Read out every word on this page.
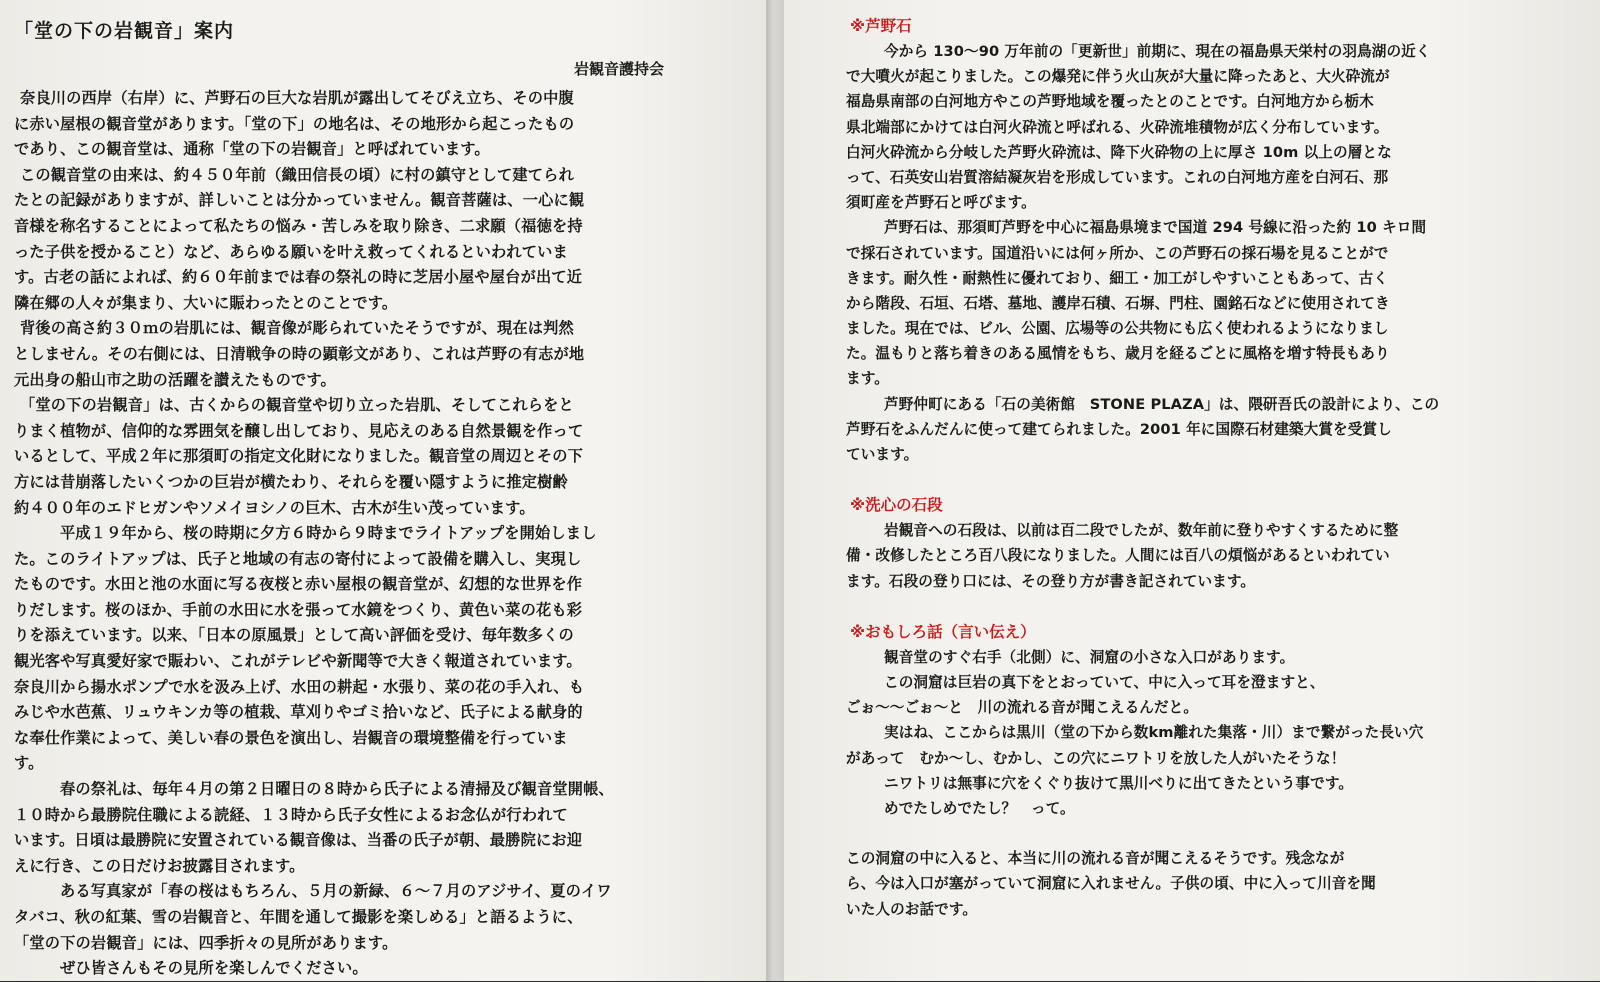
「堂の下の岩観音」案内
岩観音護持会
奈良川の西岸（右岸）に、芦野石の巨大な岩肌が露出してそびえ立ち、その中腹
に赤い屋根の観音堂があります。「堂の下」の地名は、その地形から起こったもの
であり、この観音堂は、通称「堂の下の岩観音」と呼ばれています。
この観音堂の由来は、約４５０年前（織田信長の頃）に村の鎮守として建てられ
たとの記録がありますが、詳しいことは分かっていません。観音菩薩は、一心に観
音様を称名することによって私たちの悩み・苦しみを取り除き、二求願（福徳を持
った子供を授かること）など、あらゆる願いを叶え救ってくれるといわれていま
す。古老の話によれば、約６０年前までは春の祭礼の時に芝居小屋や屋台が出て近
隣在郷の人々が集まり、大いに賑わったとのことです。
背後の高さ約３０ｍの岩肌には、観音像が彫られていたそうですが、現在は判然
としません。その右側には、日清戦争の時の顕彰文があり、これは芦野の有志が地
元出身の船山市之助の活躍を讃えたものです。
「堂の下の岩観音」は、古くからの観音堂や切り立った岩肌、そしてこれらをと
りまく植物が、信仰的な雰囲気を醸し出しており、見応えのある自然景観を作って
いるとして、平成２年に那須町の指定文化財になりました。観音堂の周辺とその下
方には昔崩落したいくつかの巨岩が横たわり、それらを覆い隠すように推定樹齢
約４００年のエドヒガンやソメイヨシノの巨木、古木が生い茂っています。
平成１９年から、桜の時期に夕方６時から９時までライトアップを開始しまし
た。このライトアップは、氏子と地域の有志の寄付によって設備を購入し、実現し
たものです。水田と池の水面に写る夜桜と赤い屋根の観音堂が、幻想的な世界を作
りだします。桜のほか、手前の水田に水を張って水鏡をつくり、黄色い菜の花も彩
りを添えています。以来、「日本の原風景」として高い評価を受け、毎年数多くの
観光客や写真愛好家で賑わい、これがテレビや新聞等で大きく報道されています。
奈良川から揚水ポンプで水を汲み上げ、水田の耕起・水張り、菜の花の手入れ、も
みじや水芭蕉、リュウキンカ等の植栽、草刈りやゴミ拾いなど、氏子による献身的
な奉仕作業によって、美しい春の景色を演出し、岩観音の環境整備を行っていま
す。
春の祭礼は、毎年４月の第２日曜日の８時から氏子による清掃及び観音堂開帳、
１０時から最勝院住職による読経、１３時から氏子女性によるお念仏が行われて
います。日頃は最勝院に安置されている観音像は、当番の氏子が朝、最勝院にお迎
えに行き、この日だけお披露目されます。
ある写真家が「春の桜はもちろん、５月の新緑、６～７月のアジサイ、夏のイワ
タバコ、秋の紅葉、雪の岩観音と、年間を通して撮影を楽しめる」と語るように、
「堂の下の岩観音」には、四季折々の見所があります。
ぜひ皆さんもその見所を楽しんでください。
※芦野石
今から 130～90 万年前の「更新世」前期に、現在の福島県天栄村の羽鳥湖の近く
で大噴火が起こりました。この爆発に伴う火山灰が大量に降ったあと、大火砕流が
福島県南部の白河地方やこの芦野地域を覆ったとのことです。白河地方から栃木
県北端部にかけては白河火砕流と呼ばれる、火砕流堆積物が広く分布しています。
白河火砕流から分岐した芦野火砕流は、降下火砕物の上に厚さ 10m 以上の層とな
って、石英安山岩質溶結凝灰岩を形成しています。これの白河地方産を白河石、那
須町産を芦野石と呼びます。
芦野石は、那須町芦野を中心に福島県境まで国道 294 号線に沿った約 10 キロ間
で採石されています。国道沿いには何ヶ所か、この芦野石の採石場を見ることがで
きます。耐久性・耐熱性に優れており、細工・加工がしやすいこともあって、古く
から階段、石垣、石塔、墓地、護岸石積、石塀、門柱、園銘石などに使用されてき
ました。現在では、ビル、公園、広場等の公共物にも広く使われるようになりまし
た。温もりと落ち着きのある風情をもち、歳月を経るごとに風格を増す特長もあり
ます。
芦野仲町にある「石の美術館　STONE PLAZA」は、隈研吾氏の設計により、この
芦野石をふんだんに使って建てられました。2001 年に国際石材建築大賞を受賞し
ています。
※洗心の石段
岩観音への石段は、以前は百二段でしたが、数年前に登りやすくするために整
備・改修したところ百八段になりました。人間には百八の煩悩があるといわれてい
ます。石段の登り口には、その登り方が書き記されています。
※おもしろ話（言い伝え）
観音堂のすぐ右手（北側）に、洞窟の小さな入口があります。
この洞窟は巨岩の真下をとおっていて、中に入って耳を澄ますと、
ごぉ～～ごぉ～と　川の流れる音が聞こえるんだと。
実はね、ここからは黒川（堂の下から数km離れた集落・川）まで繋がった長い穴
があって　むか～し、むかし、この穴にニワトリを放した人がいたそうな！
ニワトリは無事に穴をくぐり抜けて黒川べりに出てきたという事です。
めでたしめでたし？　って。
この洞窟の中に入ると、本当に川の流れる音が聞こえるそうです。残念なが
ら、今は入口が塞がっていて洞窟に入れません。子供の頃、中に入って川音を聞
いた人のお話です。
